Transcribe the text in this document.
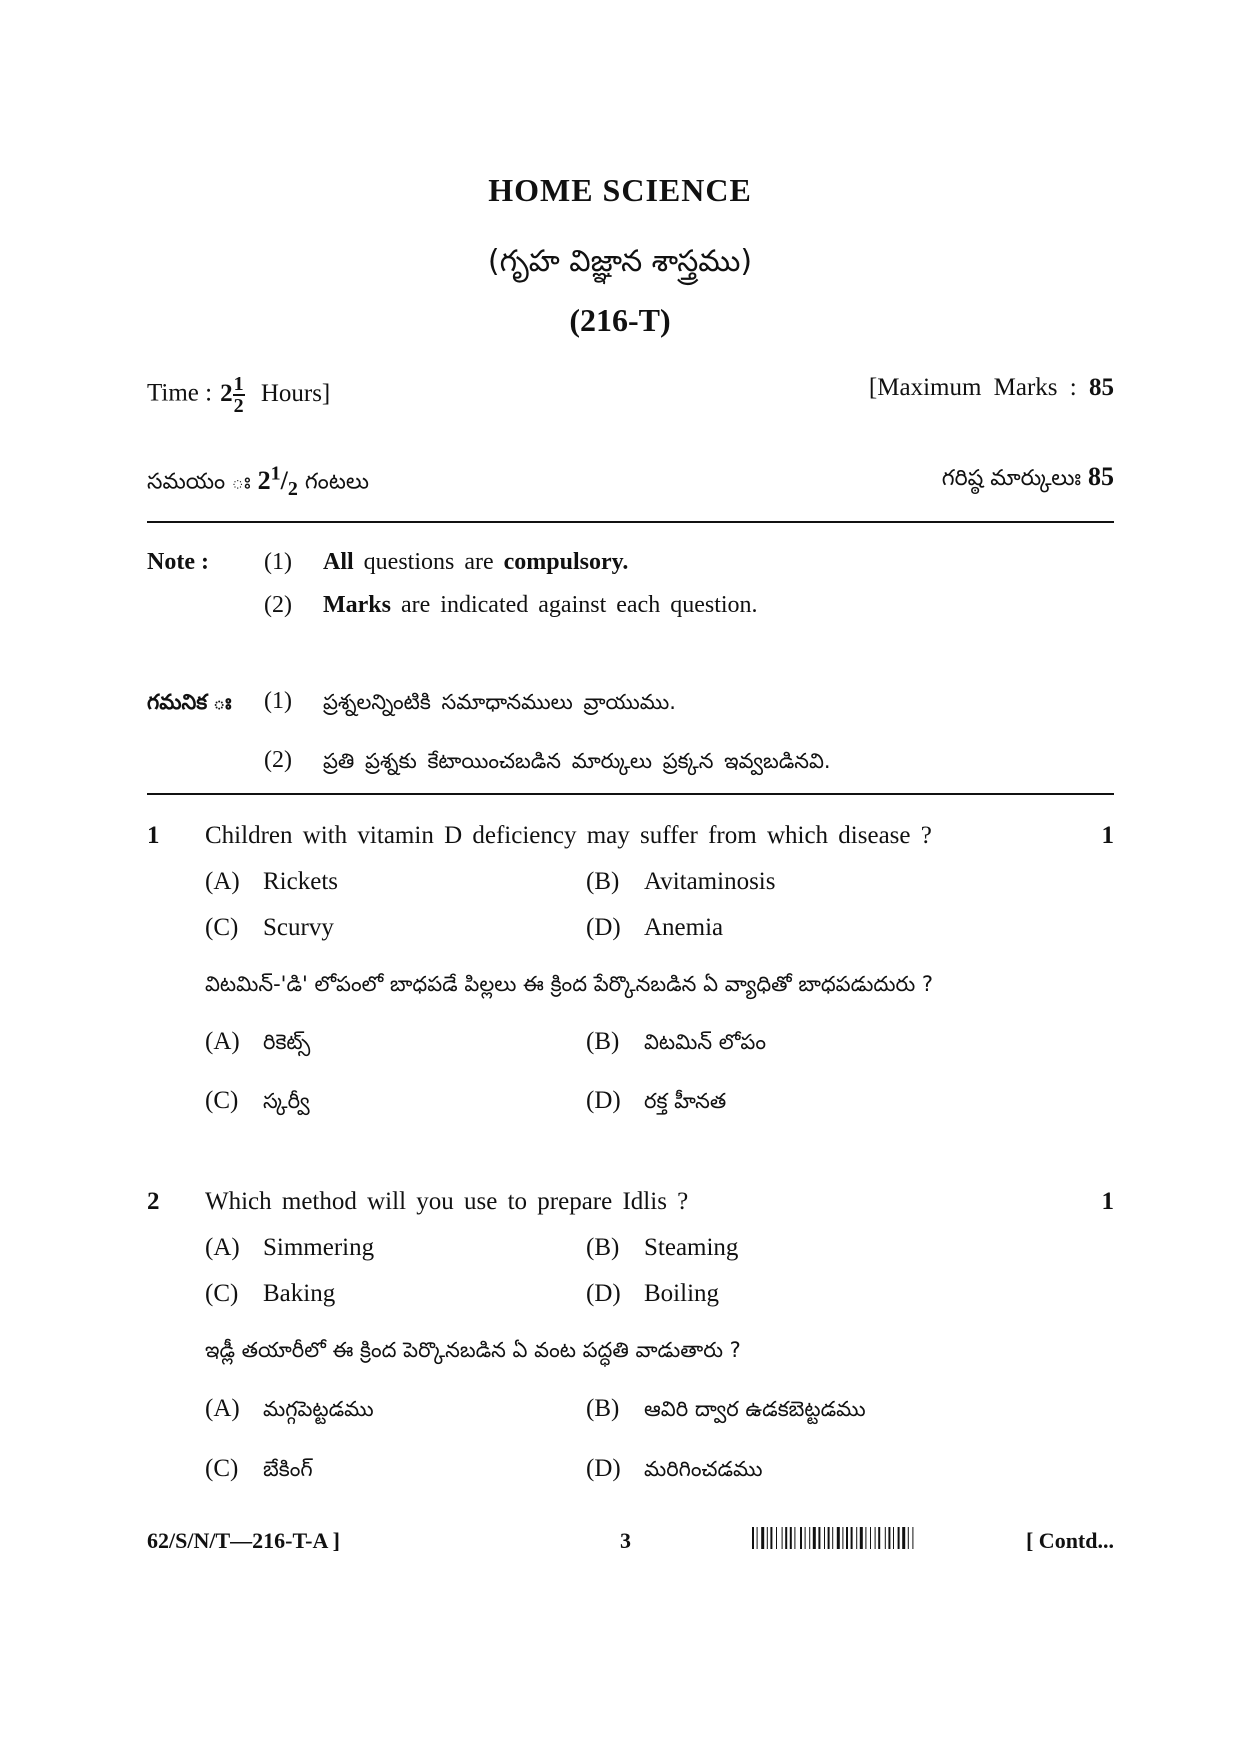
HOME SCIENCE
(గృహ విజ్ఞాన శాస్త్రము)
(216-T)
Time : $2 \frac{1}{2}$ Hours]	[Maximum Marks : 85
సమయం ః $2^1/_2$ గంటలు	గరిష్ఠ మార్కులుః 85
Note : (1) All questions are compulsory.
(2) Marks are indicated against each question.
గమనిక ః (1) ప్రశ్నలన్నింటికి సమాధానములు వ్రాయుము.
(2) ప్రతి ప్రశ్నకు కేటాయించబడిన మార్కులు ప్రక్కన ఇవ్వబడినవి.
1 Children with vitamin D deficiency may suffer from which disease ?	1
(A) Rickets	(B) Avitaminosis
(C) Scurvy	(D) Anemia
విటమిన్-'డి' లోపంలో బాధపడే పిల్లలు ఈ క్రింద పేర్కొనబడిన ఏ వ్యాధితో బాధపడుదురు ?
(A) రికెట్స్	(B) విటమిన్ లోపం
(C) స్కర్వీ	(D) రక్త హీనత
2 Which method will you use to prepare Idlis ?	1
(A) Simmering	(B) Steaming
(C) Baking	(D) Boiling
ఇడ్లీ తయారీలో ఈ క్రింద పెర్కొనబడిన ఏ వంట పద్ధతి వాడుతారు ?
(A) మగ్గపెట్టడము	(B) ఆవిరి ద్వార ఉడకబెట్టడము
(C) బేకింగ్	(D) మరిగించడము
62/S/N/T—216-T-A ]	3	[ Contd...
